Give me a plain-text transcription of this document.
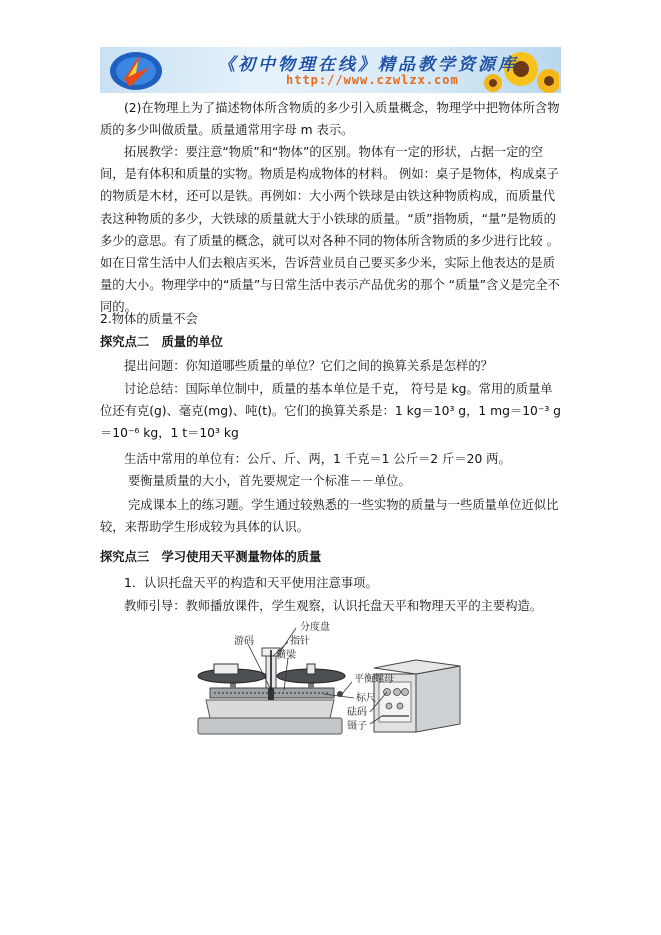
《初中物理在线》精品教学资源库
http://www.czwlzx.com

(2)在物理上为了描述物体所含物质的多少引入质量概念，物理学中把物体所含物质的多少叫做质量。质量通常用字母 m 表示。

拓展教学：要注意“物质”和“物体”的区别。物体有一定的形状，占据一定的空间，是有体积和质量的实物。物质是构成物体的材料。 例如：桌子是物体，构成桌子的物质是木材，还可以是铁。再例如：大小两个铁球是由铁这种物质构成，而质量代表这种物质的多少，大铁球的质量就大于小铁球的质量。“质”指物质，“量”是物质的多少的意思。有了质量的概念，就可以对各种不同的物体所含物质的多少进行比较 。如在日常生活中人们去粮店买米，告诉营业员自己要买多少米，实际上他表达的是质量的大小。物理学中的“质量”与日常生活中表示产品优劣的那个 “质量”含义是完全不同的。

2.物体的质量不会

探究点二　质量的单位

提出问题：你知道哪些质量的单位？它们之间的换算关系是怎样的？

讨论总结：国际单位制中，质量的基本单位是千克， 符号是 kg。常用的质量单位还有克(g)、毫克(mg)、吨(t)。它们的换算关系是：1 kg＝10³ g，1 mg＝10⁻³ g＝10⁻⁶ kg，1 t＝10³ kg

生活中常用的单位有：公斤、斤、两，1 千克＝1 公斤＝2 斤＝20 两。

要衡量质量的大小，首先要规定一个标准－－单位。

完成课本上的练习题。学生通过较熟悉的一些实物的质量与一些质量单位近似比较，来帮助学生形成较为具体的认识。

探究点三　学习使用天平测量物体的质量

1．认识托盘天平的构造和天平使用注意事项。

教师引导：教师播放课件，学生观察，认识托盘天平和物理天平的主要构造。

分度盘
游码	指针
横梁
平衡螺母
标尺
砝码
镊子
